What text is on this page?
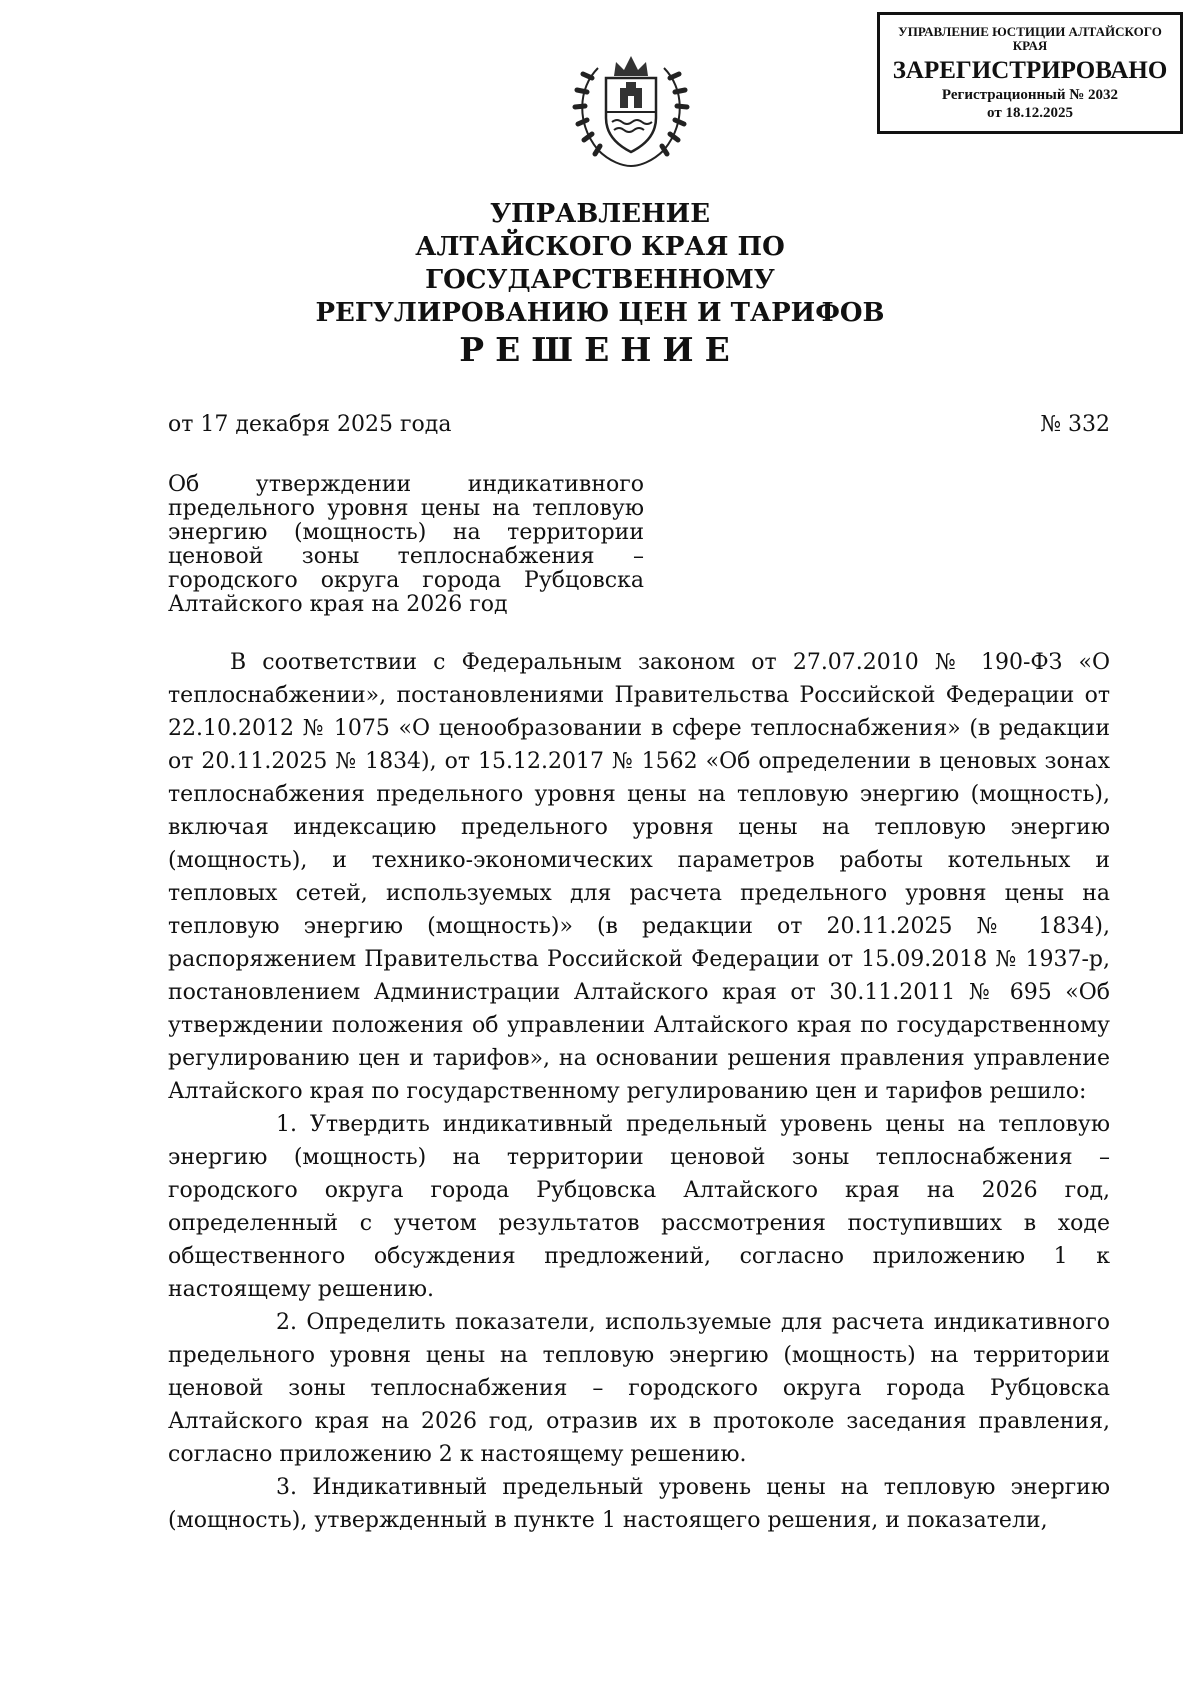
УПРАВЛЕНИЕ ЮСТИЦИИ АЛТАЙСКОГО КРАЯ
ЗАРЕГИСТРИРОВАНО
Регистрационный № 2032
от 18.12.2025
УПРАВЛЕНИЕ
АЛТАЙСКОГО КРАЯ ПО ГОСУДАРСТВЕННОМУ
РЕГУЛИРОВАНИЮ ЦЕН И ТАРИФОВ
РЕШЕНИЕ
от 17 декабря 2025 года	№ 332

Об утверждении индикативного предельного уровня цены на тепловую энергию (мощность) на территории ценовой зоны теплоснабжения – городского округа города Рубцовска
Алтайского края на 2026 год

В соответствии с Федеральным законом от 27.07.2010 № 190-ФЗ «О теплоснабжении», постановлениями Правительства Российской Федерации от 22.10.2012 № 1075 «О ценообразовании в сфере теплоснабжения» (в редакции от 20.11.2025 № 1834), от 15.12.2017 № 1562 «Об определении в ценовых зонах теплоснабжения предельного уровня цены на тепловую энергию (мощность), включая индексацию предельного уровня цены на тепловую энергию (мощность), и технико-экономических параметров работы котельных и тепловых сетей, используемых для расчета предельного уровня цены на тепловую энергию (мощность)» (в редакции от 20.11.2025 № 1834), распоряжением Правительства Российской Федерации от 15.09.2018 № 1937-р, постановлением Администрации Алтайского края от 30.11.2011 № 695 «Об утверждении положения об управлении Алтайского края по государственному регулированию цен и тарифов», на основании решения правления управление Алтайского края по государственному регулированию цен и тарифов решило:

1. Утвердить индикативный предельный уровень цены на тепловую энергию (мощность) на территории ценовой зоны теплоснабжения – городского округа города Рубцовска Алтайского края на 2026 год, определенный с учетом результатов рассмотрения поступивших в ходе общественного обсуждения предложений, согласно приложению 1 к настоящему решению.

2. Определить показатели, используемые для расчета индикативного предельного уровня цены на тепловую энергию (мощность) на территории ценовой зоны теплоснабжения – городского округа города Рубцовска Алтайского края на 2026 год, отразив их в протоколе заседания правления, согласно приложению 2 к настоящему решению.

3. Индикативный предельный уровень цены на тепловую энергию (мощность), утвержденный в пункте 1 настоящего решения, и показатели,
